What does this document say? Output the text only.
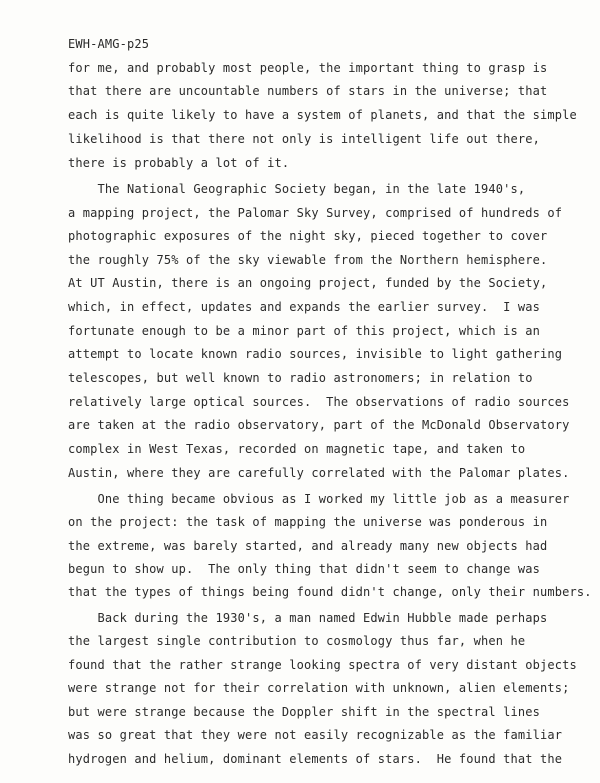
EWH-AMG-p25
for me, and probably most people, the important thing to grasp is
that there are uncountable numbers of stars in the universe; that
each is quite likely to have a system of planets, and that the simple
likelihood is that there not only is intelligent life out there,
there is probably a lot of it.
The National Geographic Society began, in the late 1940's,
a mapping project, the Palomar Sky Survey, comprised of hundreds of
photographic exposures of the night sky, pieced together to cover
the roughly 75% of the sky viewable from the Northern hemisphere.
At UT Austin, there is an ongoing project, funded by the Society,
which, in effect, updates and expands the earlier survey.  I was
fortunate enough to be a minor part of this project, which is an
attempt to locate known radio sources, invisible to light gathering
telescopes, but well known to radio astronomers; in relation to
relatively large optical sources.  The observations of radio sources
are taken at the radio observatory, part of the McDonald Observatory
complex in West Texas, recorded on magnetic tape, and taken to
Austin, where they are carefully correlated with the Palomar plates.
One thing became obvious as I worked my little job as a measurer
on the project: the task of mapping the universe was ponderous in
the extreme, was barely started, and already many new objects had
begun to show up.  The only thing that didn't seem to change was
that the types of things being found didn't change, only their numbers.
Back during the 1930's, a man named Edwin Hubble made perhaps
the largest single contribution to cosmology thus far, when he
found that the rather strange looking spectra of very distant objects
were strange not for their correlation with unknown, alien elements;
but were strange because the Doppler shift in the spectral lines
was so great that they were not easily recognizable as the familiar
hydrogen and helium, dominant elements of stars.  He found that the
